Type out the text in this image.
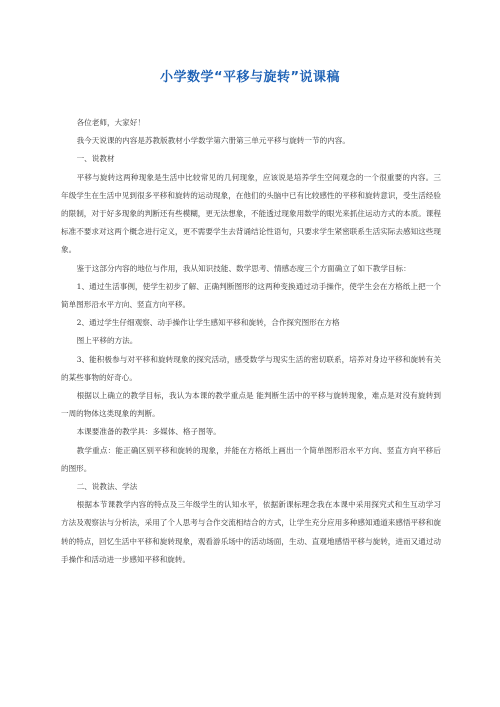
小学数学“平移与旋转”说课稿

各位老师，大家好！

我今天说课的内容是苏教版教材小学数学第六册第三单元平移与旋转一节的内容。

一、说教材

平移与旋转这两种现象是生活中比较常见的几何现象，应该说是培养学生空间观念的一个很重要的内容。三年级学生在生活中见到很多平移和旋转的运动现象，在他们的头脑中已有比较感性的平移和旋转意识，受生活经验的限制，对于好多现象的判断还有些模糊，更无法想象，不能透过现象用数学的眼光来抓住运动方式的本质。课程标准不要求对这两个概念进行定义，更不需要学生去背诵结论性语句，只要求学生紧密联系生活实际去感知这些现象。

鉴于这部分内容的地位与作用，我从知识技能、数学思考、情感态度三个方面确立了如下教学目标：

1、通过生活事例，使学生初步了解、正确判断图形的这两种变换通过动手操作，使学生会在方格纸上把一个简单图形沿水平方向、竖直方向平移。

2、通过学生仔细观察、动手操作让学生感知平移和旋转，合作探究图形在方格

图上平移的方法。

3、能积极参与对平移和旋转现象的探究活动，感受数学与现实生活的密切联系，培养对身边平移和旋转有关的某些事物的好奇心。

根据以上确立的教学目标，我认为本课的教学重点是 能判断生活中的平移与旋转现象，难点是对没有旋转到一周的物体这类现象的判断。

本课要准备的教学具：多媒体、格子图等。

教学重点：能正确区别平移和旋转的现象，并能在方格纸上画出一个简单图形沿水平方向、竖直方向平移后的图形。

二、说教法、学法

根据本节课教学内容的特点及三年级学生的认知水平，依据新课标理念我在本课中采用探究式和生互动学习方法及观察法与分析法，采用了个人思考与合作交流相结合的方式，让学生充分应用多种感知通道来感悟平移和旋转的特点，回忆生活中平移和旋转现象，观看游乐场中的活动场面，生动、直观地感悟平移与旋转，进而又通过动手操作和活动进一步感知平移和旋转。
